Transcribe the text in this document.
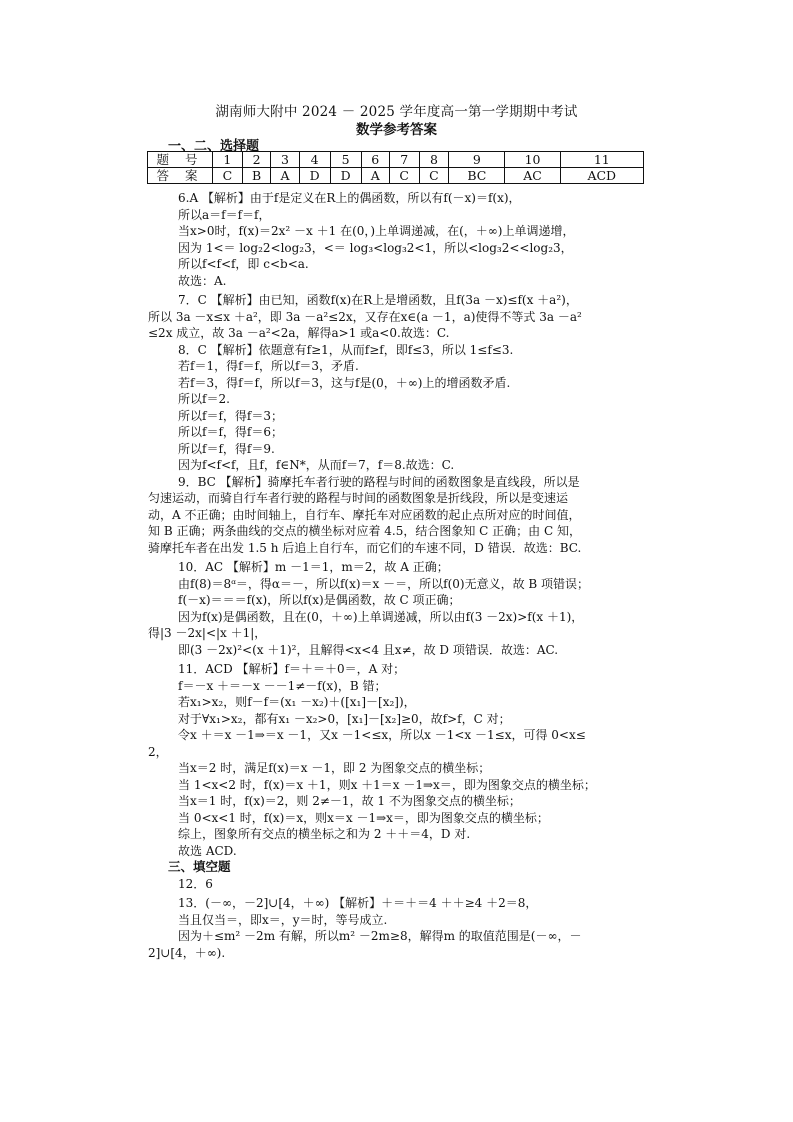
湖南师大附中 2024 － 2025 学年度高一第一学期期中考试
数学参考答案
一、二、选择题
题 号	1	2	3	4	5	6	7	8	9	10	11
答 案	C	B	A	D	D	A	C	C	BC	AC	ACD
6.A 【解析】由于f是定义在R上的偶函数，所以有f(－x)＝f(x)，
所以a＝f＝f＝f，
当x>0时，f(x)＝2x² －x ＋1 在(0，)上单调递减，在(，＋∞)上单调递增，
因为 1<＝ log₂2<log₂3，<＝ log₃<log₃2<1，所以<log₃2<<log₂3，
所以f<f<f，即 c<b<a.
故选：A.
7．C 【解析】由已知，函数f(x)在R上是增函数，且f(3a －x)≤f(x ＋a²)，
所以 3a －x≤x ＋a²，即 3a －a²≤2x，又存在x∈(a －1，a)使得不等式 3a －a²
≤2x 成立，故 3a －a²<2a，解得a>1 或a<0.故选：C.
8．C 【解析】依题意有f≥1，从而f≥f，即f≤3，所以 1≤f≤3.
若f＝1，得f＝f，所以f＝3，矛盾.
若f＝3，得f＝f，所以f＝3，这与f是(0，＋∞)上的增函数矛盾.
所以f＝2.
所以f＝f，得f＝3；
所以f＝f，得f＝6；
所以f＝f，得f＝9.
因为f<f<f，且f，f∈N*，从而f＝7，f＝8.故选：C.
9．BC 【解析】骑摩托车者行驶的路程与时间的函数图象是直线段，所以是
匀速运动，而骑自行车者行驶的路程与时间的函数图象是折线段，所以是变速运
动，A 不正确；由时间轴上，自行车、摩托车对应函数的起止点所对应的时间值，
知 B 正确；两条曲线的交点的横坐标对应着 4.5，结合图象知 C 正确；由 C 知，
骑摩托车者在出发 1.5 h 后追上自行车，而它们的车速不同，D 错误．故选：BC.
10．AC 【解析】m －1＝1，m＝2，故 A 正确；
由f(8)＝8ᵅ＝，得α＝－，所以f(x)＝x －＝，所以f(0)无意义，故 B 项错误；
f(－x)＝＝＝f(x)，所以f(x)是偶函数，故 C 项正确；
因为f(x)是偶函数，且在(0，＋∞)上单调递减，所以由f(3 －2x)>f(x ＋1)，
得|3 －2x|<|x ＋1|，
即(3 －2x)²<(x ＋1)²，且解得<x<4 且x≠，故 D 项错误．故选：AC.
11．ACD 【解析】f＝＋＝＋0＝，A 对；
f＝－x ＋＝－x －－1≠－f(x)，B 错；
若x₁>x₂，则f－f＝(x₁ －x₂)＋([x₁]－[x₂])，
对于∀x₁>x₂，都有x₁ －x₂>0，[x₁]－[x₂]≥0，故f>f，C 对；
令x ＋＝x －1⇒＝x －1，又x －1<≤x，所以x －1<x －1≤x，可得 0<x≤
2，
当x＝2 时，满足f(x)＝x －1，即 2 为图象交点的横坐标；
当 1<x<2 时，f(x)＝x ＋1，则x ＋1＝x －1⇒x＝，即为图象交点的横坐标；
当x＝1 时，f(x)＝2，则 2≠－1，故 1 不为图象交点的横坐标；
当 0<x<1 时，f(x)＝x，则x＝x －1⇒x＝，即为图象交点的横坐标；
综上，图象所有交点的横坐标之和为 2 ＋＋＝4，D 对.
故选 ACD.
三、填空题
12．6
13．(－∞，－2]∪[4，＋∞) 【解析】＋＝＋＝4 ＋＋≥4 ＋2＝8，
当且仅当＝，即x＝，y＝时，等号成立.
因为＋≤m² －2m 有解，所以m² －2m≥8，解得m 的取值范围是(－∞，－
2]∪[4，＋∞).
